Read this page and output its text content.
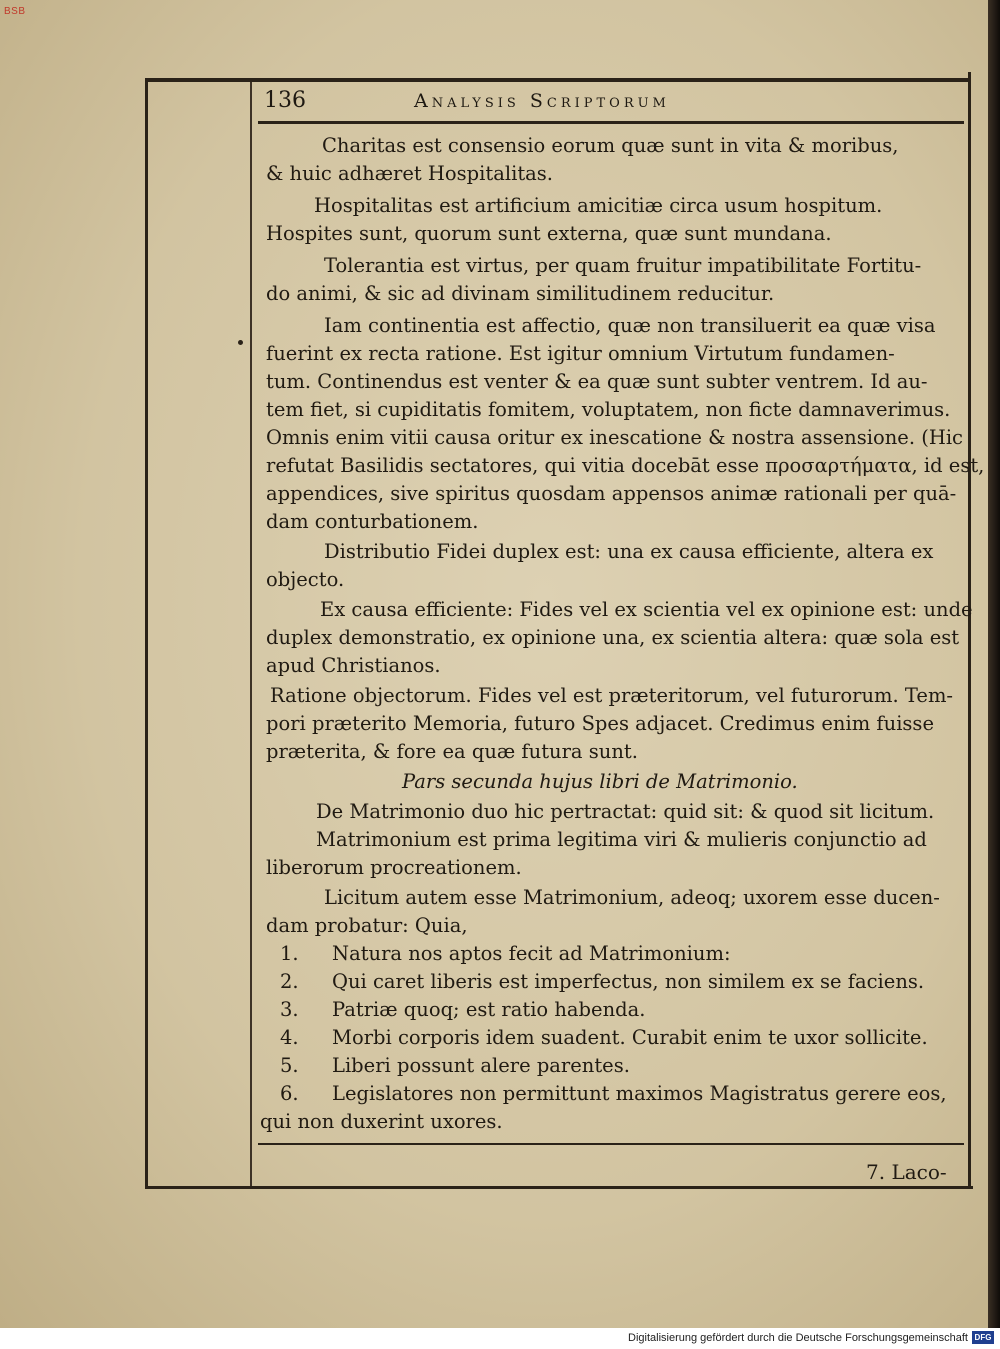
BSB
136	Analysis Scriptorum
Charitas est consensio eorum quæ sunt in vita & moribus,
& huic adhæret Hospitalitas.
Hospitalitas est artificium amicitiæ circa usum hospitum.
Hospites sunt, quorum sunt externa, quæ sunt mundana.
Tolerantia est virtus, per quam fruitur impatibilitate Fortitu-
do animi, & sic ad divinam similitudinem reducitur.
Iam continentia est affectio, quæ non transiluerit ea quæ visa
fuerint ex recta ratione. Est igitur omnium Virtutum fundamen-
tum. Continendus est venter & ea quæ sunt subter ventrem. Id au-
tem fiet, si cupiditatis fomitem, voluptatem, non ficte damnaverimus.
Omnis enim vitii causa oritur ex inescatione & nostra assensione. (Hic
refutat Basilidis sectatores, qui vitia docebāt esse προσαρτήματα, id est,
appendices, sive spiritus quosdam appensos animæ rationali per quā-
dam conturbationem.
Distributio Fidei duplex est: una ex causa efficiente, altera ex
objecto.
Ex causa efficiente: Fides vel ex scientia vel ex opinione est: unde
duplex demonstratio, ex opinione una, ex scientia altera: quæ sola est
apud Christianos.
Ratione objectorum. Fides vel est præteritorum, vel futurorum. Tem-
pori præterito Memoria, futuro Spes adjacet. Credimus enim fuisse
præterita, & fore ea quæ futura sunt.
Pars secunda hujus libri de Matrimonio.
De Matrimonio duo hic pertractat: quid sit: & quod sit licitum.
Matrimonium est prima legitima viri & mulieris conjunctio ad
liberorum procreationem.
Licitum autem esse Matrimonium, adeoq; uxorem esse ducen-
dam probatur: Quia,
1. Natura nos aptos fecit ad Matrimonium:
2. Qui caret liberis est imperfectus, non similem ex se faciens.
3. Patriæ quoq; est ratio habenda.
4. Morbi corporis idem suadent. Curabit enim te uxor sollicite.
5. Liberi possunt alere parentes.
6. Legislatores non permittunt maximos Magistratus gerere eos,
qui non duxerint uxores.
7. Laco-
Digitalisierung gefördert durch die Deutsche Forschungsgemeinschaft DFG
